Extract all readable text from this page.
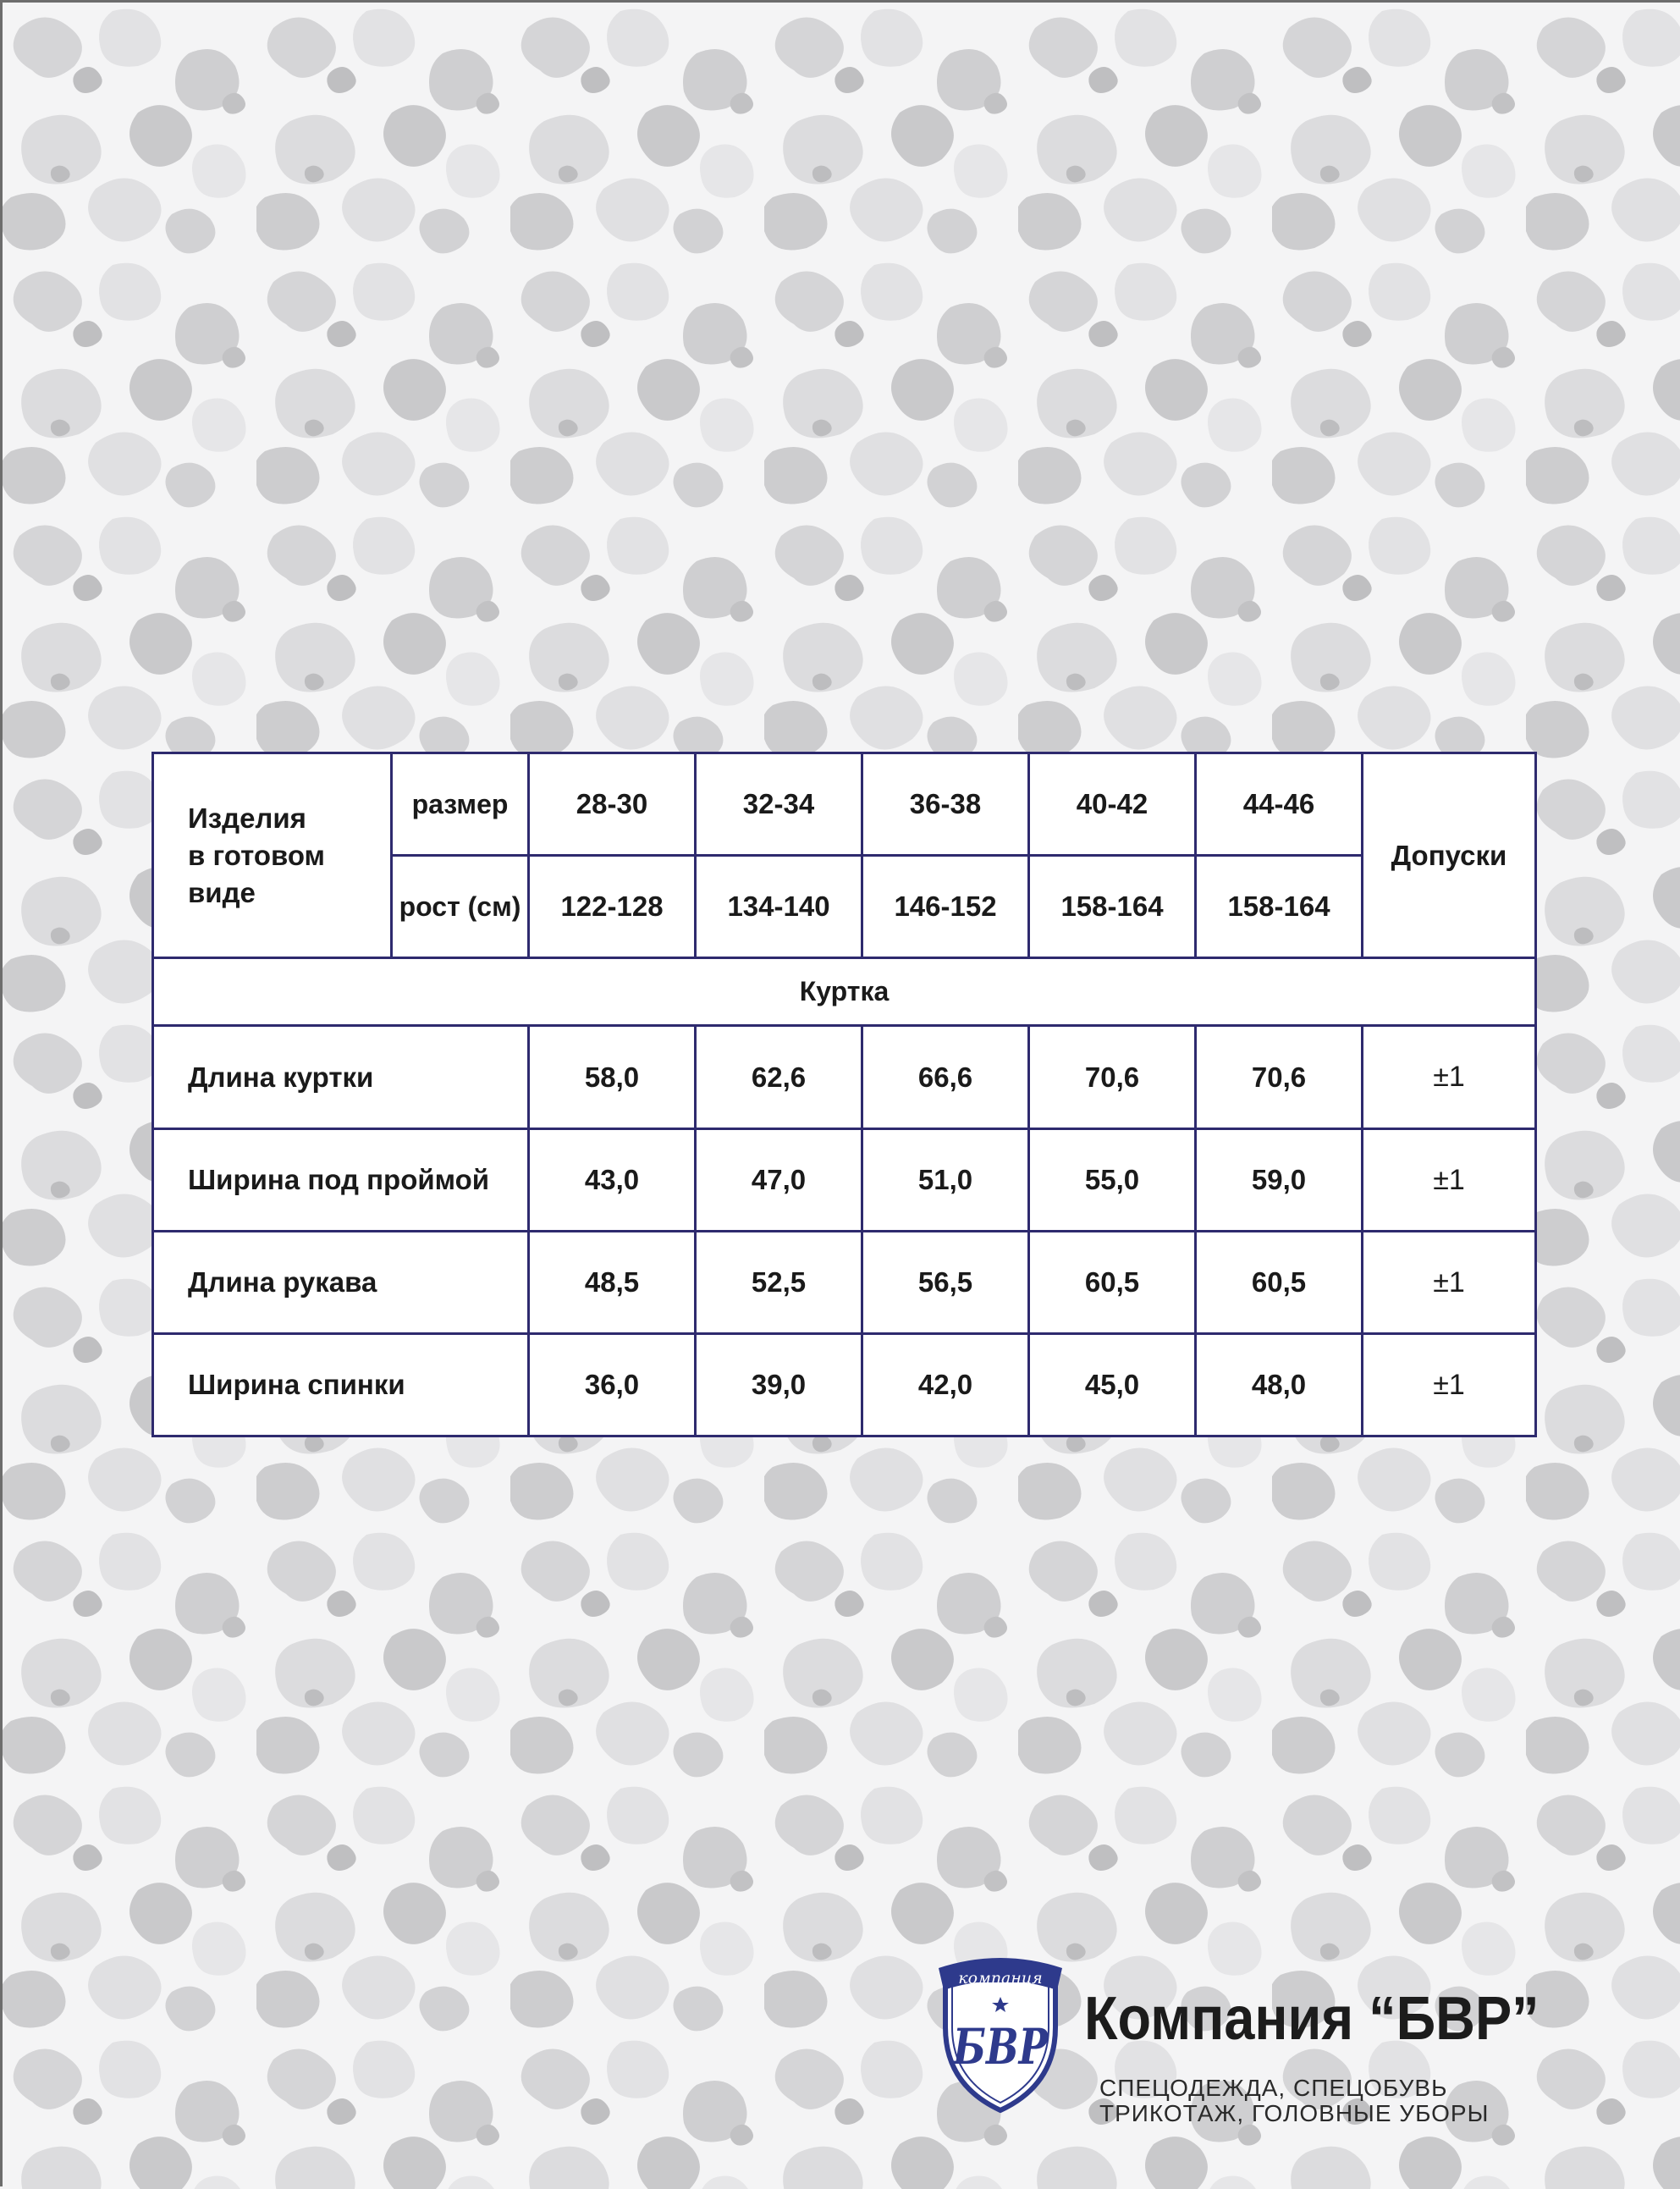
Изделия
в готовом виде	размер	28-30	32-34	36-38	40-42	44-46	Допуски
	рост (см)	122-128	134-140	146-152	158-164	158-164	
Куртка							
Длина куртки		58,0	62,6	66,6	70,6	70,6	±1
Ширина под проймой		43,0	47,0	51,0	55,0	59,0	±1
Длина рукава		48,5	52,5	56,5	60,5	60,5	±1
Ширина спинки		36,0	39,0	42,0	45,0	48,0	±1
компания
БВР Компания “БВР”

СПЕЦОДЕЖДА, СПЕЦОБУВЬ

ТРИКОТАЖ, ГОЛОВНЫЕ УБОРЫ
